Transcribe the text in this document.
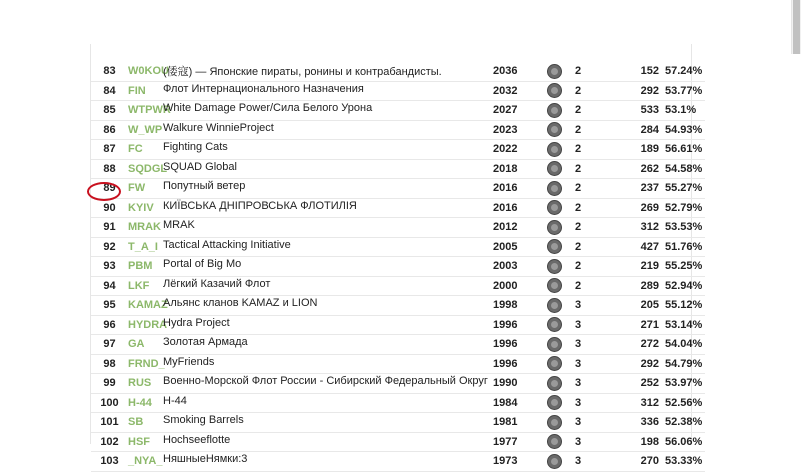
83	W0KOU	(倭寇) — Японские пираты, ронины и контрабандисты.	2036		2	152	57.24%
84	FIN	Флот Интернационального Назначения	2032		2	292	53.77%
85	WTPWR	White Damage Power/Сила Белого Урона	2027		2	533	53.1%
86	W_WP	Walkure WinnieProject	2023		2	284	54.93%
87	FC	Fighting Cats	2022		2	189	56.61%
88	SQDGL	SQUAD Global	2018		2	262	54.58%
89	FW	Попутный ветер	2016		2	237	55.27%
90	KYIV	КИЇВСЬКА ДНІПРОВСЬКА ФЛОТИЛІЯ	2016		2	269	52.79%
91	MRAK	MRAK	2012		2	312	53.53%
92	T_A_I	Tactical Attacking Initiative	2005		2	427	51.76%
93	PBM	Portal of Big Mo	2003		2	219	55.25%
94	LKF	Лёгкий Казачий Флот	2000		2	289	52.94%
95	KAMAZ	Альянс кланов KAMAZ и LION	1998		3	205	55.12%
96	HYDRA	Hydra Project	1996		3	271	53.14%
97	GA	Золотая Армада	1996		3	272	54.04%
98	FRND_	MyFriends	1996		3	292	54.79%
99	RUS	Военно-Морской Флот России - Сибирский Федеральный Округ	1990		3	252	53.97%
100	H-44	H-44	1984		3	312	52.56%
101	SB	Smoking Barrels	1981		3	336	52.38%
102	HSF	Hochseeflotte	1977		3	198	56.06%
103	_NYA_	НяшныеНямки:3	1973		3	270	53.33%
